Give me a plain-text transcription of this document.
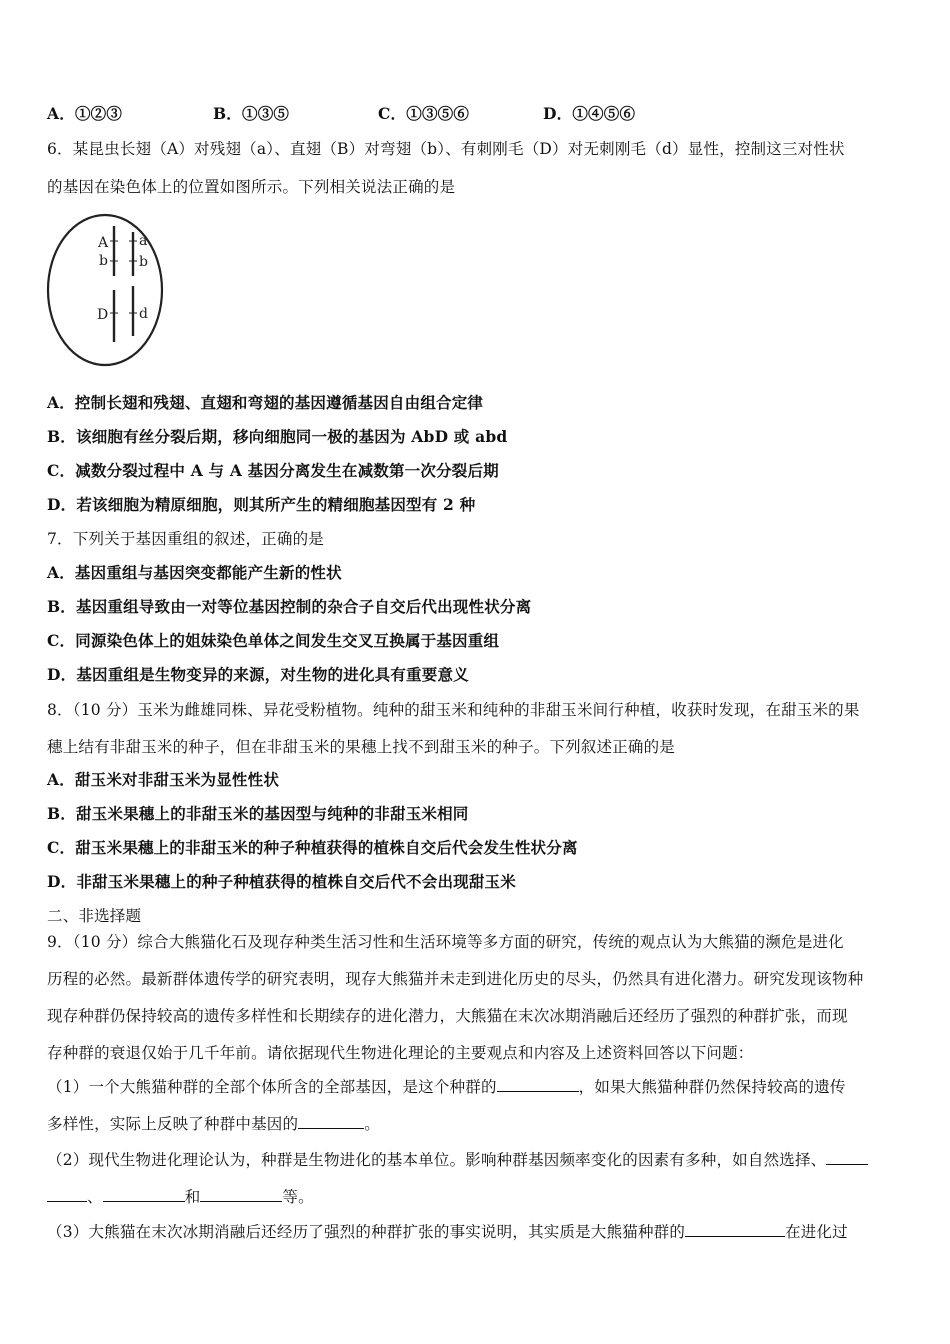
A．①②③	B．①③⑤	C．①③⑤⑥	D．①④⑤⑥
6．某昆虫长翅（A）对残翅（a）、直翅（B）对弯翅（b）、有刺刚毛（D）对无刺刚毛（d）显性，控制这三对性状
的基因在染色体上的位置如图所示。下列相关说法正确的是
A a
b b
D d
A．控制长翅和残翅、直翅和弯翅的基因遵循基因自由组合定律
B．该细胞有丝分裂后期，移向细胞同一极的基因为 AbD 或 abd
C．减数分裂过程中 A 与 A 基因分离发生在减数第一次分裂后期
D．若该细胞为精原细胞，则其所产生的精细胞基因型有 2 种
7．下列关于基因重组的叙述，正确的是
A．基因重组与基因突变都能产生新的性状
B．基因重组导致由一对等位基因控制的杂合子自交后代出现性状分离
C．同源染色体上的姐妹染色单体之间发生交叉互换属于基因重组
D．基因重组是生物变异的来源，对生物的进化具有重要意义
8．（10 分）玉米为雌雄同株、异花受粉植物。纯种的甜玉米和纯种的非甜玉米间行种植，收获时发现，在甜玉米的果
穗上结有非甜玉米的种子，但在非甜玉米的果穗上找不到甜玉米的种子。下列叙述正确的是
A．甜玉米对非甜玉米为显性性状
B．甜玉米果穗上的非甜玉米的基因型与纯种的非甜玉米相同
C．甜玉米果穗上的非甜玉米的种子种植获得的植株自交后代会发生性状分离
D．非甜玉米果穗上的种子种植获得的植株自交后代不会出现甜玉米
二、非选择题
9．（10 分）综合大熊猫化石及现存种类生活习性和生活环境等多方面的研究，传统的观点认为大熊猫的濒危是进化
历程的必然。最新群体遗传学的研究表明，现存大熊猫并未走到进化历史的尽头，仍然具有进化潜力。研究发现该物种
现存种群仍保持较高的遗传多样性和长期续存的进化潜力，大熊猫在末次冰期消融后还经历了强烈的种群扩张，而现
存种群的衰退仅始于几千年前。请依据现代生物进化理论的主要观点和内容及上述资料回答以下问题：
（1）一个大熊猫种群的全部个体所含的全部基因，是这个种群的	，如果大熊猫种群仍然保持较高的遗传
多样性，实际上反映了种群中基因的	。
（2）现代生物进化理论认为，种群是生物进化的基本单位。影响种群基因频率变化的因素有多种，如自然选择、
、	和	等。
（3）大熊猫在末次冰期消融后还经历了强烈的种群扩张的事实说明，其实质是大熊猫种群的	在进化过
